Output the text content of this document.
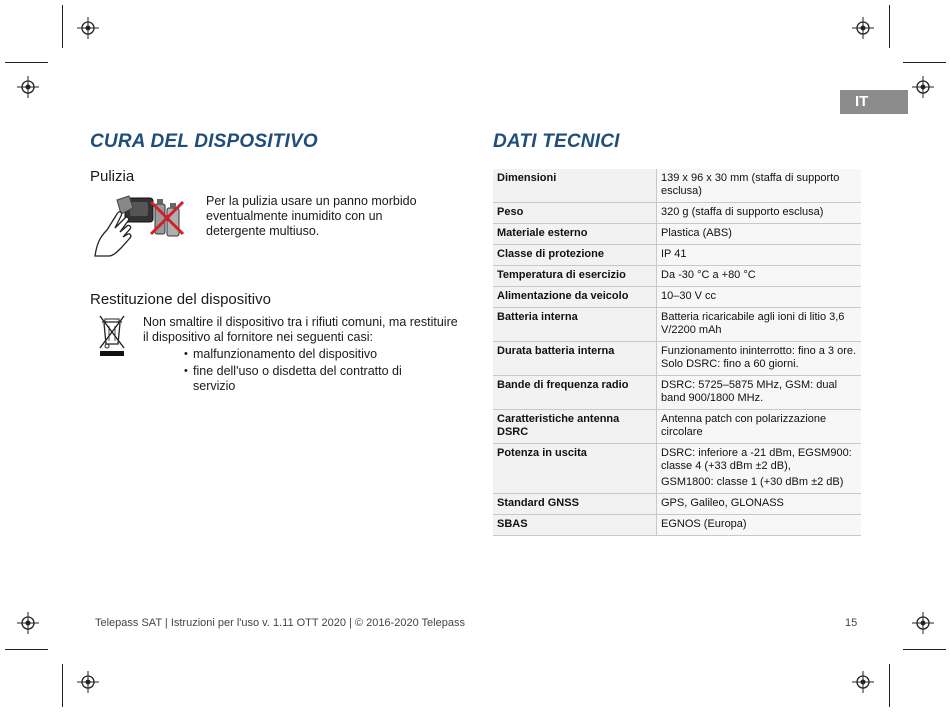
IT
CURA DEL DISPOSITIVO
Pulizia
Per la pulizia usare un panno morbido eventualmente inumidito con un detergente multiuso.
Restituzione del dispositivo
Non smaltire il dispositivo tra i rifiuti comuni, ma restituire il dispositivo al fornitore nei seguenti casi:
• malfunzionamento del dispositivo
• fine dell'uso o disdetta del contratto di servizio
DATI TECNICI
Dimensioni	139 x 96 x 30 mm (staffa di supporto esclusa)

Peso	320 g (staffa di supporto esclusa)

Materiale esterno	Plastica (ABS)

Classe di protezione	IP 41

Temperatura di esercizio	Da -30 °C a +80 °C

Alimentazione da veicolo	10–30 V cc

Batteria interna	Batteria ricaricabile agli ioni di litio 3,6 V/2200 mAh

Durata batteria interna	Funzionamento ininterrotto: fino a 3 ore. Solo DSRC: fino a 60 giorni.

Bande di frequenza radio	DSRC: 5725–5875 MHz, GSM: dual band 900/1800 MHz.

Caratteristiche antenna DSRC	Antenna patch con polarizzazione circolare

Potenza in uscita	DSRC: inferiore a -21 dBm, EGSM900: classe 4 (+33 dBm ±2 dB),
GSM1800: classe 1 (+30 dBm ±2 dB)

Standard GNSS	GPS, Galileo, GLONASS

SBAS	EGNOS (Europa)
Telepass SAT | Istruzioni per l'uso v. 1.11 OTT 2020 | © 2016-2020 Telepass	15
